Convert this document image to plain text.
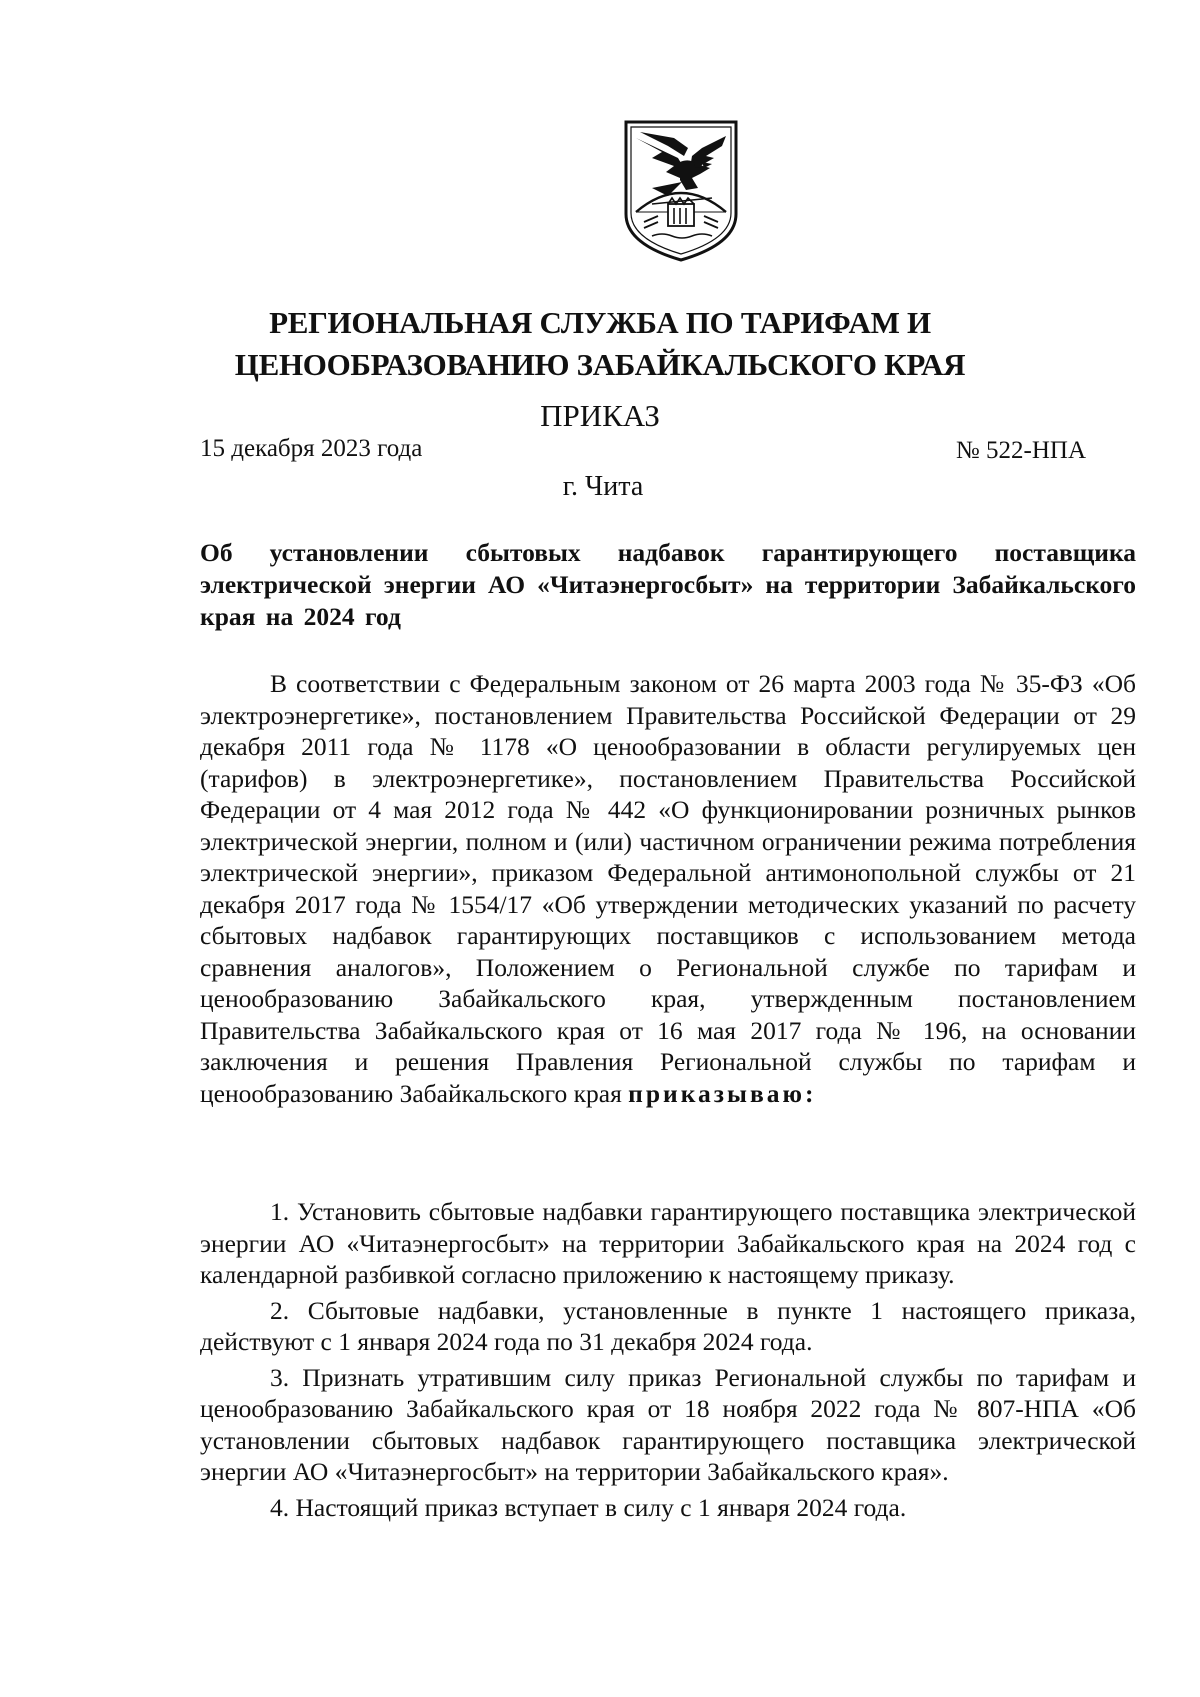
РЕГИОНАЛЬНАЯ СЛУЖБА ПО ТАРИФАМ И
ЦЕНООБРАЗОВАНИЮ ЗАБАЙКАЛЬСКОГО КРАЯ
ПРИКАЗ
15 декабря 2023 года	№ 522-НПА
г. Чита
Об установлении сбытовых надбавок гарантирующего поставщика электрической энергии АО «Читаэнергосбыт» на территории Забайкальского края на 2024 год
В соответствии с Федеральным законом от 26 марта 2003 года № 35-ФЗ «Об электроэнергетике», постановлением Правительства Российской Федерации от 29 декабря 2011 года № 1178 «О ценообразовании в области регулируемых цен (тарифов) в электроэнергетике», постановлением Правительства Российской Федерации от 4 мая 2012 года № 442 «О функционировании розничных рынков электрической энергии, полном и (или) частичном ограничении режима потребления электрической энергии», приказом Федеральной антимонопольной службы от 21 декабря 2017 года № 1554/17 «Об утверждении методических указаний по расчету сбытовых надбавок гарантирующих поставщиков с использованием метода сравнения аналогов», Положением о Региональной службе по тарифам и ценообразованию Забайкальского края, утвержденным постановлением Правительства Забайкальского края от 16 мая 2017 года № 196, на основании заключения и решения Правления Региональной службы по тарифам и ценообразованию Забайкальского края приказываю:
1. Установить сбытовые надбавки гарантирующего поставщика электрической энергии АО «Читаэнергосбыт» на территории Забайкальского края на 2024 год с календарной разбивкой согласно приложению к настоящему приказу.
2. Сбытовые надбавки, установленные в пункте 1 настоящего приказа, действуют с 1 января 2024 года по 31 декабря 2024 года.
3. Признать утратившим силу приказ Региональной службы по тарифам и ценообразованию Забайкальского края от 18 ноября 2022 года № 807-НПА «Об установлении сбытовых надбавок гарантирующего поставщика электрической энергии АО «Читаэнергосбыт» на территории Забайкальского края».
4. Настоящий приказ вступает в силу с 1 января 2024 года.
